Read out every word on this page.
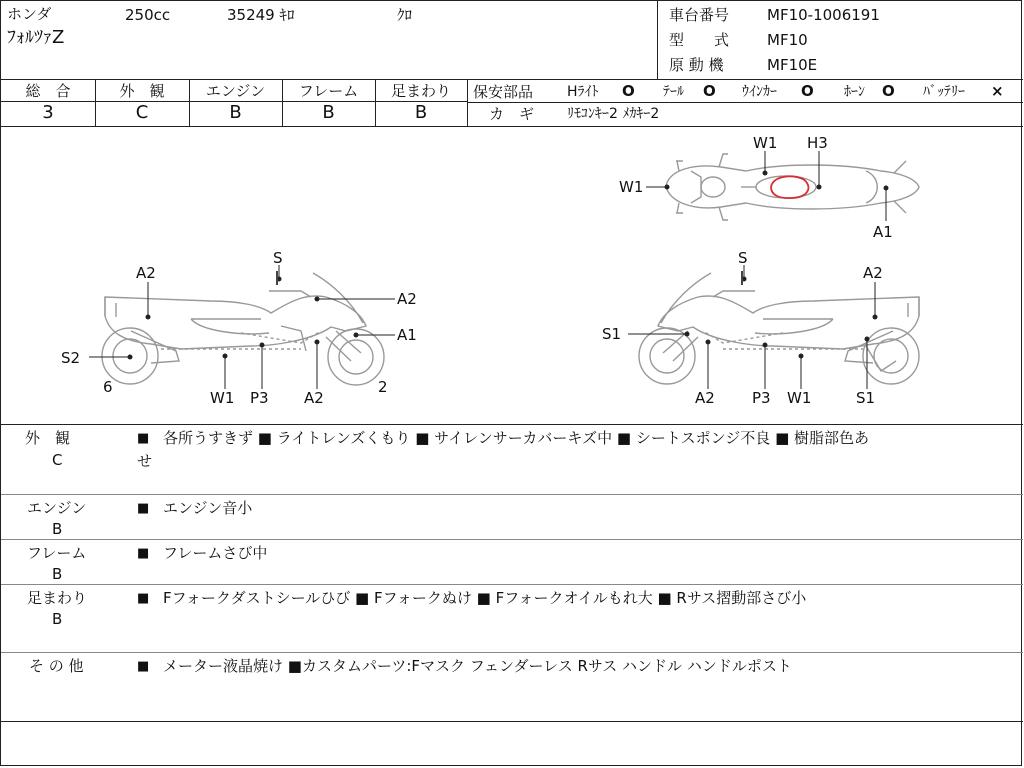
ホンダ	250cc	35249 ｷﾛ	ｸﾛ
ﾌｫﾙﾂｧZ
車台番号	MF10-1006191
型　　式	MF10
原 動 機	MF10E
総　合
3
外　観
C
エンジン
B
フレーム
B
足まわり
B
保安部品 Hﾗｲﾄ O ﾃｰﾙ O ｳｲﾝｶｰ O ﾎｰﾝ O ﾊﾞｯﾃﾘｰ ×
カ　ギ ﾘﾓｺﾝｷｰ2 ﾒｶｷｰ2
W1 H3
W1
A1
S
A2
A2
A1
S2
6	2
W1 P3 A2
S
A2
S1
A2 P3 W1	S1
外　観
C
■ 各所うすきず ■ ライトレンズくもり ■ サイレンサーカバーキズ中 ■ シートスポンジ不良 ■ 樹脂部色あ
せ
エンジン
B
■ エンジン音小
フレーム
B
■ フレームさび中
足まわり
B
■ Fフォークダストシールひび ■ Fフォークぬけ ■ Fフォークオイルもれ大 ■ Rサス摺動部さび小
そ の 他	■ メーター液晶焼け ■カスタムパーツ:Fマスク フェンダーレス Rサス ハンドル ハンドルポスト
